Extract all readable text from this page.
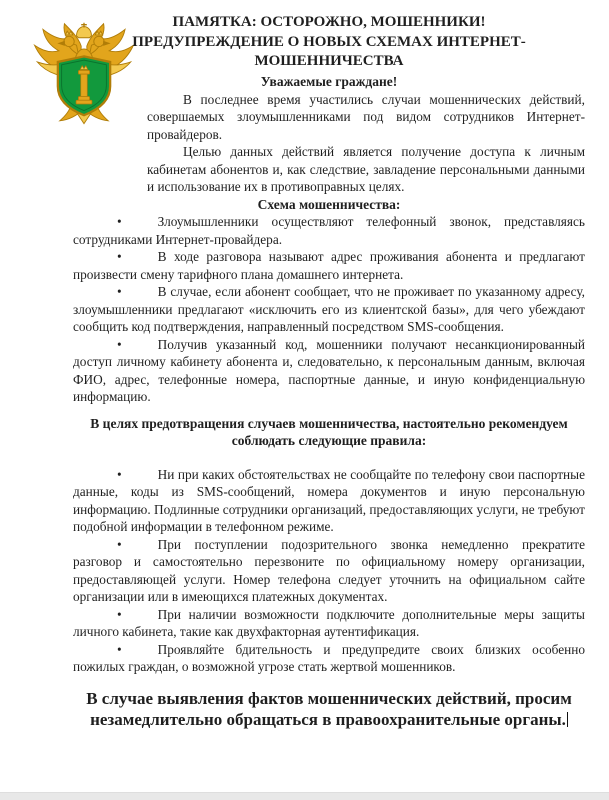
ПАМЯТКА: ОСТОРОЖНО, МОШЕННИКИ!
ПРЕДУПРЕЖДЕНИЕ О НОВЫХ СХЕМАХ ИНТЕРНЕТ-МОШЕННИЧЕСТВА

Уважаемые граждане!

В последнее время участились случаи мошеннических действий, совершаемых злоумышленниками под видом сотрудников Интернет-провайдеров.

Целью данных действий является получение доступа к личным кабинетам абонентов и, как следствие, завладение персональными данными и использование их в противоправных целях.

Схема мошенничества:

•	Злоумышленники осуществляют телефонный звонок, представляясь сотрудниками Интернет-провайдера.

•	В ходе разговора называют адрес проживания абонента и предлагают произвести смену тарифного плана домашнего интернета.

•	В случае, если абонент сообщает, что не проживает по указанному адресу, злоумышленники предлагают «исключить его из клиентской базы», для чего убеждают сообщить код подтверждения, направленный посредством SMS-сообщения.

•	Получив указанный код, мошенники получают несанкционированный доступ личному кабинету абонента и, следовательно, к персональным данным, включая ФИО, адрес, телефонные номера, паспортные данные, и иную конфиденциальную информацию.

В целях предотвращения случаев мошенничества, настоятельно рекомендуем соблюдать следующие правила:

•	Ни при каких обстоятельствах не сообщайте по телефону свои паспортные данные, коды из SMS-сообщений, номера документов и иную персональную информацию. Подлинные сотрудники организаций, предоставляющих услуги, не требуют подобной информации в телефонном режиме.

•	При поступлении подозрительного звонка немедленно прекратите разговор и самостоятельно перезвоните по официальному номеру организации, предоставляющей услуги. Номер телефона следует уточнить на официальном сайте организации или в имеющихся платежных документах.

•	При наличии возможности подключите дополнительные меры защиты личного кабинета, такие как двухфакторная аутентификация.

•	Проявляйте бдительность и предупредите своих близких особенно пожилых граждан, о возможной угрозе стать жертвой мошенников.

В случае выявления фактов мошеннических действий, просим незамедлительно обращаться в правоохранительные органы.
